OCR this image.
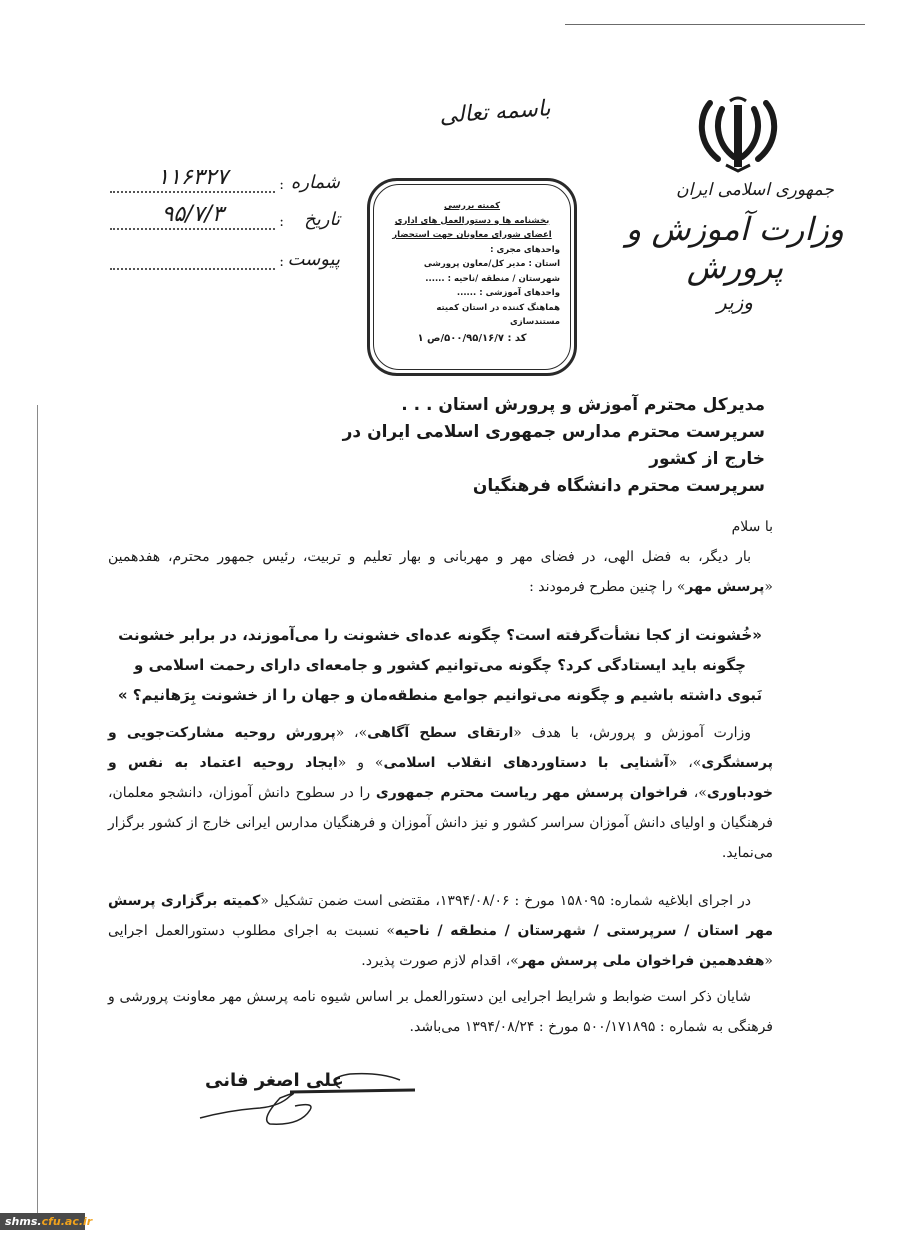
جمهوری اسلامی ایران
وزارت آموزش و پرورش
وزیر
باسمه تعالی
شماره
:
۱۱۶۳۲۷
تاریخ
:
۹۵/۷/۳
پیوست
:
کمیته بررسی
بخشنامه ها و دستورالعمل های اداری
اعضای شورای معاونان جهت استحضار
واحدهای مجری :
استان : مدیر کل/معاون پرورشی
شهرستان / منطقه /ناحیه : ......
واحدهای آموزشی : ......
هماهنگ کننده در استان کمیته مستندسازی
کد : ۵۰۰/۹۵/۱۶/۷/ص ۱
مدیرکل محترم آموزش و پرورش استان . . .
سرپرست محترم مدارس جمهوری اسلامی ایران در خارج از کشور
سرپرست محترم دانشگاه فرهنگیان
با سلام
بار دیگر، به فضل الهی، در فضای مهر و مهربانی و بهار تعلیم و تربیت، رئیس جمهور محترم، هفدهمین «پرسش مهر» را چنین مطرح فرمودند :
«خُشونت از کجا نشأت‌گرفته است؟ چگونه عده‌ای خشونت را می‌آموزند، در برابر خشونت چگونه باید ایستادگی کرد؟ چگونه می‌توانیم کشور و جامعه‌ای دارای رحمت اسلامی و نَبوی داشته باشیم و چگونه می‌توانیم جوامع منطقه‌مان و جهان را از خشونت بِرَهانیم؟ »
وزارت آموزش و پرورش، با هدف «ارتقای سطح آگاهی»، «پرورش روحیه مشارکت‌جویی و پرسشگری»، «آشنایی با دستاوردهای انقلاب اسلامی» و «ایجاد روحیه اعتماد به نفس و خودباوری»، فراخوان پرسش مهر ریاست محترم جمهوری را در سطوح دانش آموزان، دانشجو معلمان، فرهنگیان و اولیای دانش آموزان سراسر کشور و نیز دانش آموزان و فرهنگیان مدارس ایرانی خارج از کشور برگزار می‌نماید.
در اجرای ابلاغیه شماره: ۱۵۸۰۹۵ مورخ : ۱۳۹۴/۰۸/۰۶، مقتضی است ضمن تشکیل «کمیته برگزاری پرسش مهر استان / سرپرستی / شهرستان / منطقه / ناحیه» نسبت به اجرای مطلوب دستورالعمل اجرایی «هفدهمین فراخوان ملی پرسش مهر»، اقدام لازم صورت پذیرد.
شایان ذکر است ضوابط و شرایط اجرایی این دستورالعمل بر اساس شیوه نامه پرسش مهر معاونت پرورشی و فرهنگی به شماره : ۵۰۰/۱۷۱۸۹۵ مورخ : ۱۳۹۴/۰۸/۲۴ می‌باشد.
علی اصغر فانی
shms.cfu.ac.ir
